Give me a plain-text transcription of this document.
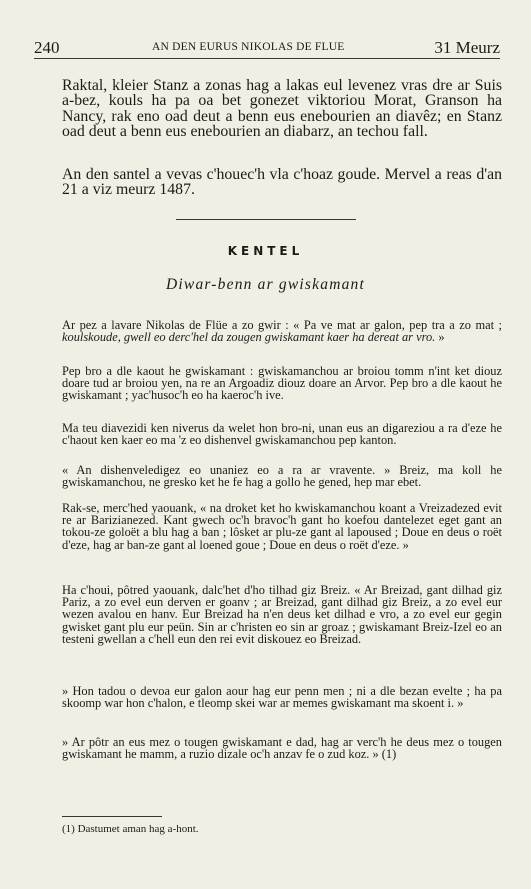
240	AN DEN EURUS NIKOLAS DE FLUE	31 Meurz

Raktal, kleier Stanz a zonas hag a lakas eul levenez vras dre ar Suis a-bez, kouls ha pa oa bet gonezet viktoriou Morat, Granson ha Nancy, rak eno oad deut a benn eus enebourien an diavêz; en Stanz oad deut a benn eus enebourien an diabarz, an techou fall.

An den santel a vevas c'houec'h vla c'hoaz goude. Mervel a reas d'an 21 a viz meurz 1487.

KENTEL
Diwar-benn ar gwiskamant

Ar pez a lavare Nikolas de Flüe a zo gwir : « Pa ve mat ar galon, pep tra a zo mat ; koulskoude, gwell eo derc'hel da zougen gwiskamant kaer ha dereat ar vro. »

Pep bro a dle kaout he gwiskamant : gwiskamanchou ar broiou tomm n'int ket diouz doare tud ar broiou yen, na re an Argoadiz diouz doare an Arvor. Pep bro a dle kaout he gwiskamant ; yac'husoc'h eo ha kaeroc'h ive.

Ma teu diavezidi ken niverus da welet hon bro-ni, unan eus an digareziou a ra d'eze he c'haout ken kaer eo ma 'z eo dishenvel gwiskamanchou pep kanton.

« An dishenveledigez eo unaniez eo a ra ar vravente. » Breiz, ma koll he gwiskamanchou, ne gresko ket he fe hag a gollo he gened, hep mar ebet.

Rak-se, merc'hed yaouank, « na droket ket ho kwiskamanchou koant a Vreizadezed evit re ar Barizianezed. Kant gwech oc'h bravoc'h gant ho koefou dantelezet eget gant an tokou-ze goloët a blu hag a ban ; lôsket ar plu-ze gant al lapoused ; Doue en deus o roët d'eze, hag ar ban-ze gant al loened goue ; Doue en deus o roët d'eze. »

Ha c'houi, pôtred yaouank, dalc'het d'ho tilhad giz Breiz. « Ar Breizad, gant dilhad giz Pariz, a zo evel eun derven er goanv ; ar Breizad, gant dilhad giz Breiz, a zo evel eur wezen avalou en hanv. Eur Breizad ha n'en deus ket dilhad e vro, a zo evel eur gegin gwisket gant plu eur peün. Sin ar c'hristen eo sin ar groaz ; gwiskamant Breiz-Izel eo an testeni gwellan a c'hell eun den rei evit diskouez eo Breizad.

» Hon tadou o devoa eur galon aour hag eur penn men ; ni a dle bezan evelte ; ha pa skoomp war hon c'halon, e tleomp skei war ar memes gwiskamant ma skoent i. »

» Ar pôtr an eus mez o tougen gwiskamant e dad, hag ar verc'h he deus mez o tougen gwiskamant he mamm, a ruzio dizale oc'h anzav fe o zud koz. » (1)

(1) Dastumet aman hag a-hont.
